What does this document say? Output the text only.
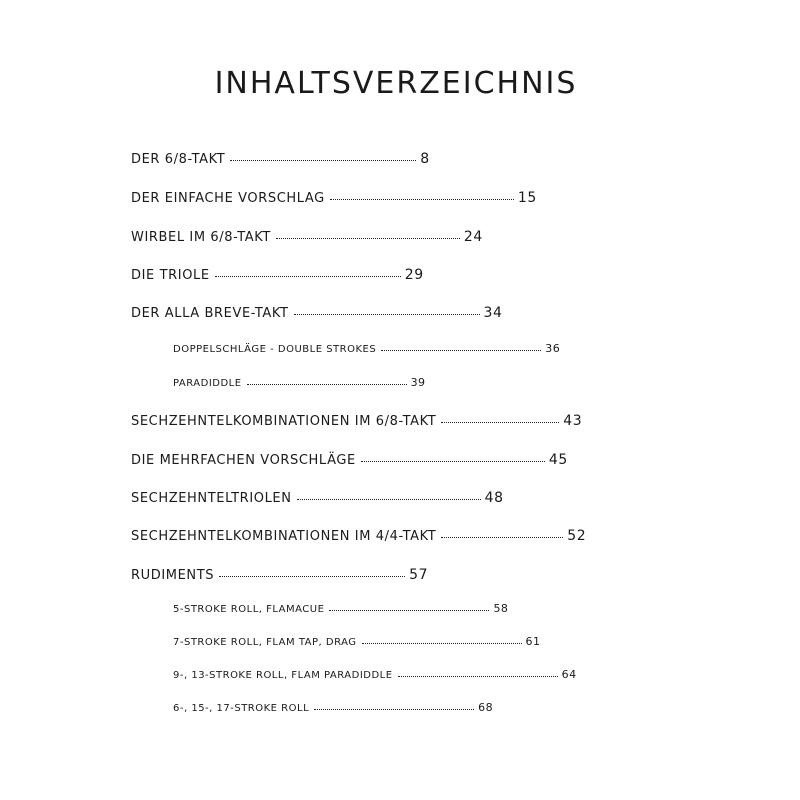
INHALTSVERZEICHNIS
DER 6/8-TAKT	8
DER EINFACHE VORSCHLAG	15
WIRBEL IM 6/8-TAKT	24
DIE TRIOLE	29
DER ALLA BREVE-TAKT	34
DOPPELSCHLÄGE - DOUBLE STROKES	36
PARADIDDLE	39
SECHZEHNTELKOMBINATIONEN IM 6/8-TAKT	43
DIE MEHRFACHEN VORSCHLÄGE	45
SECHZEHNTELTRIOLEN	48
SECHZEHNTELKOMBINATIONEN IM 4/4-TAKT	52
RUDIMENTS	57
5-STROKE ROLL, FLAMACUE	58
7-STROKE ROLL, FLAM TAP, DRAG	61
9-, 13-STROKE ROLL, FLAM PARADIDDLE	64
6-, 15-, 17-STROKE ROLL	68
